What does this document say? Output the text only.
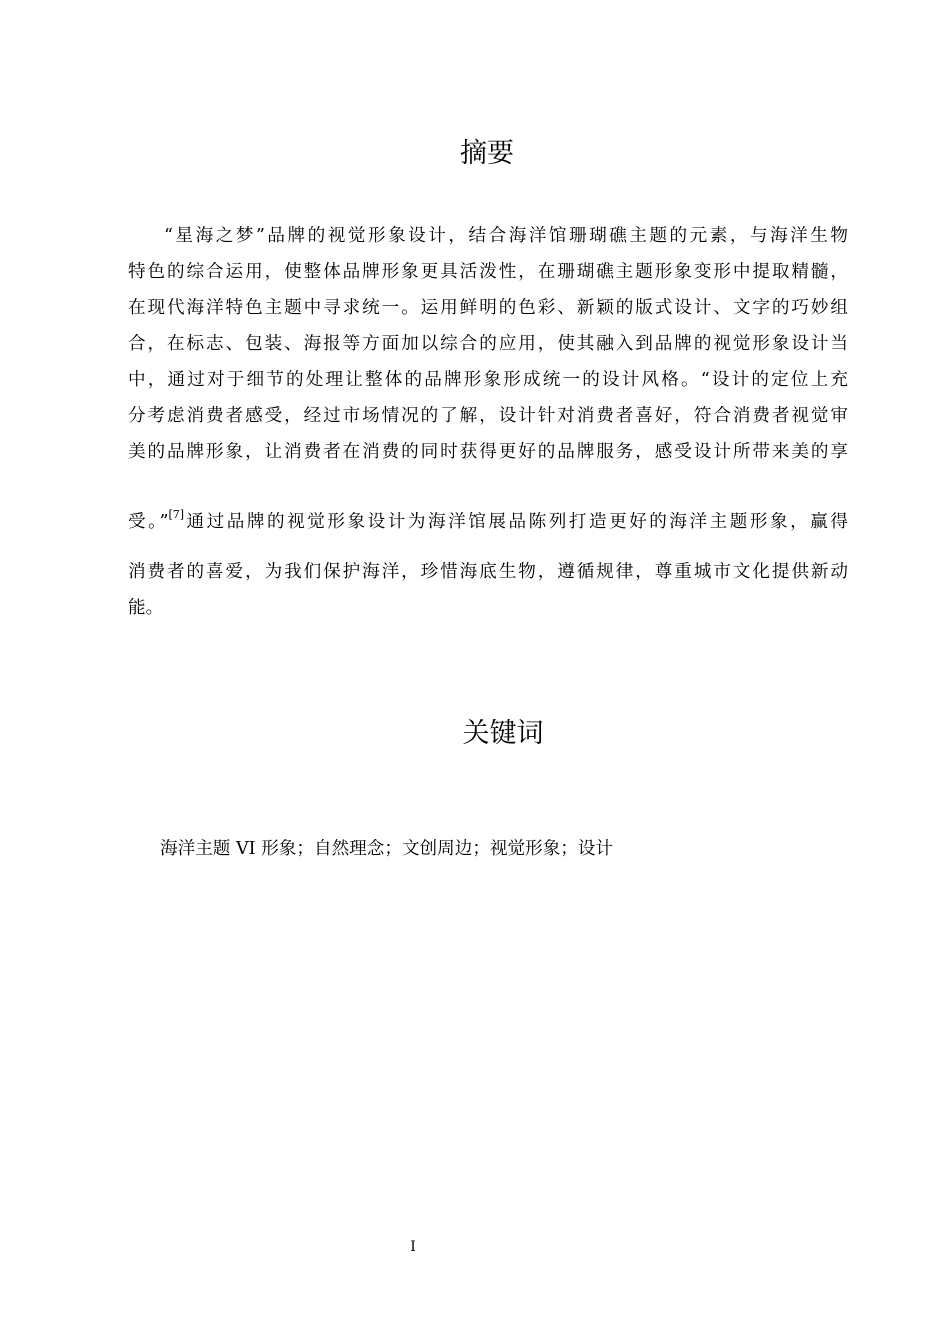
摘要
“星海之梦”品牌的视觉形象设计，结合海洋馆珊瑚礁主题的元素，与海洋生物
特色的综合运用，使整体品牌形象更具活泼性，在珊瑚礁主题形象变形中提取精髓，
在现代海洋特色主题中寻求统一。运用鲜明的色彩、新颖的版式设计、文字的巧妙组
合，在标志、包装、海报等方面加以综合的应用，使其融入到品牌的视觉形象设计当
中，通过对于细节的处理让整体的品牌形象形成统一的设计风格。“设计的定位上充
分考虑消费者感受，经过市场情况的了解，设计针对消费者喜好，符合消费者视觉审
美的品牌形象，让消费者在消费的同时获得更好的品牌服务，感受设计所带来美的享
受。”[7]通过品牌的视觉形象设计为海洋馆展品陈列打造更好的海洋主题形象，赢得
消费者的喜爱，为我们保护海洋，珍惜海底生物，遵循规律，尊重城市文化提供新动
能。
关键词
海洋主题 VI 形象；自然理念；文创周边；视觉形象；设计
I
